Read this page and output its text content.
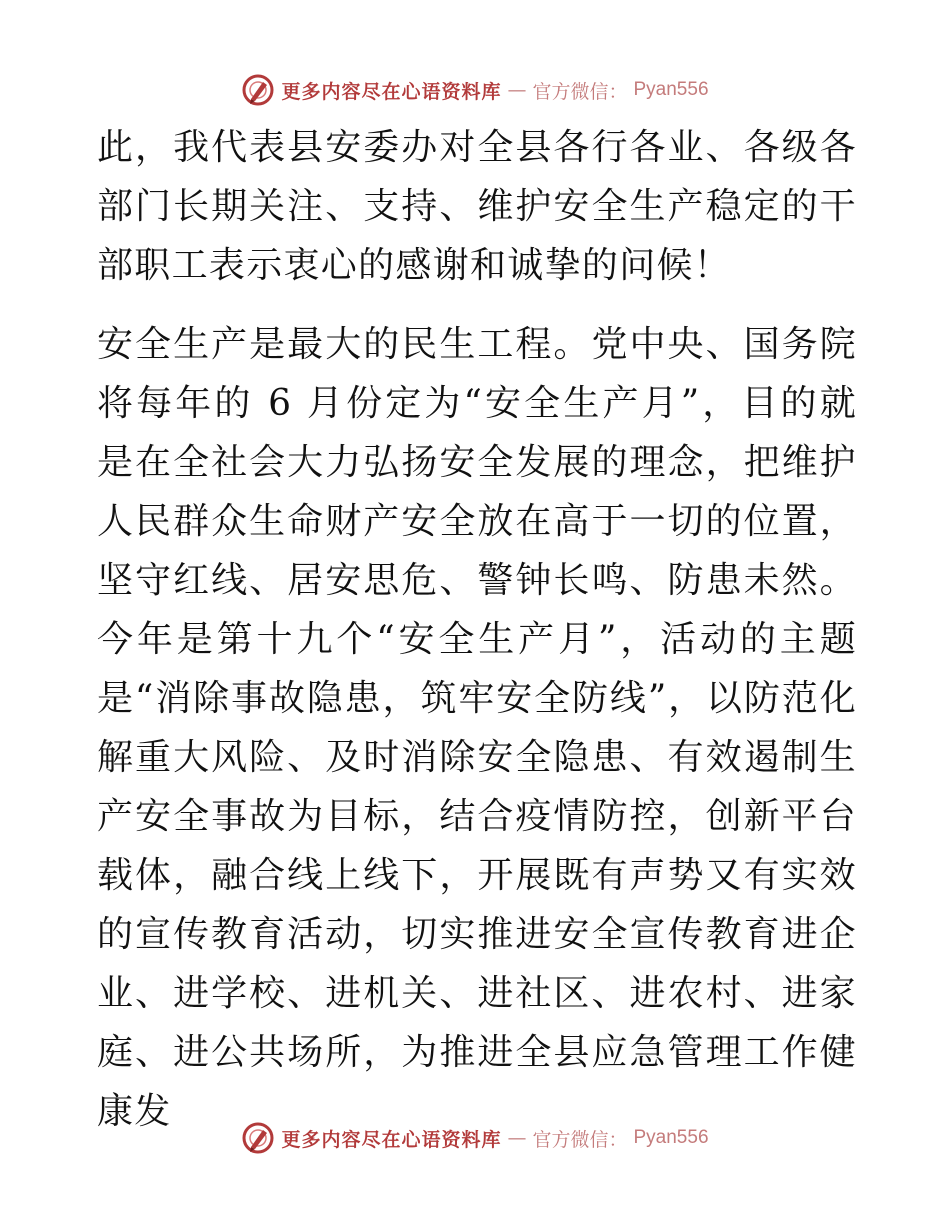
更多内容尽在心语资料库 — 官方微信： Pyan556

此，我代表县安委办对全县各行各业、各级各部门长期关注、支持、维护安全生产稳定的干部职工表示衷心的感谢和诚挚的问候！

安全生产是最大的民生工程。党中央、国务院将每年的 6 月份定为“安全生产月”，目的就是在全社会大力弘扬安全发展的理念，把维护人民群众生命财产安全放在高于一切的位置，坚守红线、居安思危、警钟长鸣、防患未然。今年是第十九个“安全生产月”，活动的主题是“消除事故隐患，筑牢安全防线”，以防范化解重大风险、及时消除安全隐患、有效遏制生产安全事故为目标，结合疫情防控，创新平台载体，融合线上线下，开展既有声势又有实效的宣传教育活动，切实推进安全宣传教育进企业、进学校、进机关、进社区、进农村、进家庭、进公共场所，为推进全县应急管理工作健康发

更多内容尽在心语资料库 — 官方微信： Pyan556
